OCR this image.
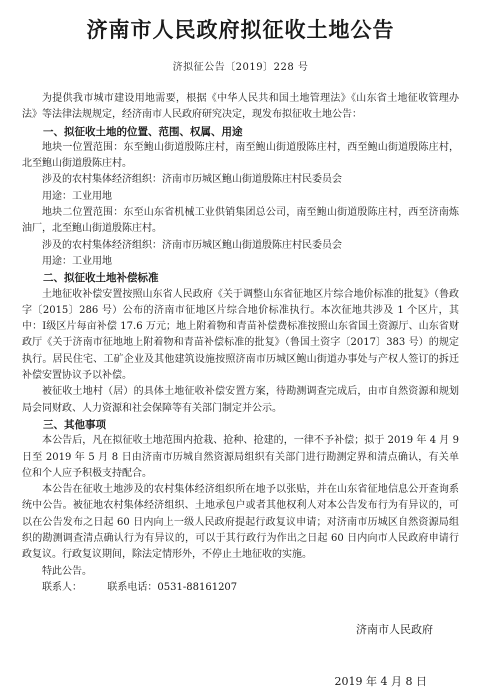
济南市人民政府拟征收土地公告
济拟征公告〔2019〕228 号

为提供我市城市建设用地需要，根据《中华人民共和国土地管理法》《山东省土地征收管理办法》等法律法规规定，经济南市人民政府研究决定，现发布拟征收土地公告：

一、拟征收土地的位置、范围、权属、用途

地块一位置范围：东至鲍山街道殷陈庄村，南至鲍山街道殷陈庄村，西至鲍山街道殷陈庄村，北至鲍山街道殷陈庄村。

涉及的农村集体经济组织：济南市历城区鲍山街道殷陈庄村民委员会

用途：工业用地

地块二位置范围：东至山东省机械工业供销集团总公司，南至鲍山街道殷陈庄村，西至济南炼油厂，北至鲍山街道殷陈庄村。

涉及的农村集体经济组织：济南市历城区鲍山街道殷陈庄村民委员会

用途：工业用地

二、拟征收土地补偿标准

土地征收补偿安置按照山东省人民政府《关于调整山东省征地区片综合地价标准的批复》（鲁政字〔2015〕286 号）公布的济南市征地区片综合地价标准执行。本次征地共涉及 1 个区片，其中：Ⅰ级区片每亩补偿 17.6 万元；地上附着物和青苗补偿费标准按照山东省国土资源厅、山东省财政厅《关于济南市征地地上附着物和青苗补偿标准的批复》（鲁国土资字〔2017〕383 号）的规定执行。居民住宅、工矿企业及其他建筑设施按照济南市历城区鲍山街道办事处与产权人签订的拆迁补偿安置协议予以补偿。

被征收土地村（居）的具体土地征收补偿安置方案，待勘测调查完成后，由市自然资源和规划局会同财政、人力资源和社会保障等有关部门制定并公示。

三、其他事项

本公告后，凡在拟征收土地范围内抢栽、抢种、抢建的，一律不予补偿；拟于 2019 年 4 月 9 日至 2019 年 5 月 8 日由济南市历城自然资源局组织有关部门进行勘测定界和清点确认，有关单位和个人应予积极支持配合。

本公告在征收土地涉及的农村集体经济组织所在地予以张贴，并在山东省征地信息公开查询系统中公告。被征地农村集体经济组织、土地承包户或者其他权利人对本公告发布行为有异议的，可以在公告发布之日起 60 日内向上一级人民政府提起行政复议申请；对济南市历城区自然资源局组织的勘测调查清点确认行为有异议的，可以于其行政行为作出之日起 60 日内向市人民政府申请行政复议。行政复议期间，除法定情形外，不停止土地征收的实施。

特此公告。

联系人：        联系电话：0531-88161207

济南市人民政府
2019 年 4 月 8 日
